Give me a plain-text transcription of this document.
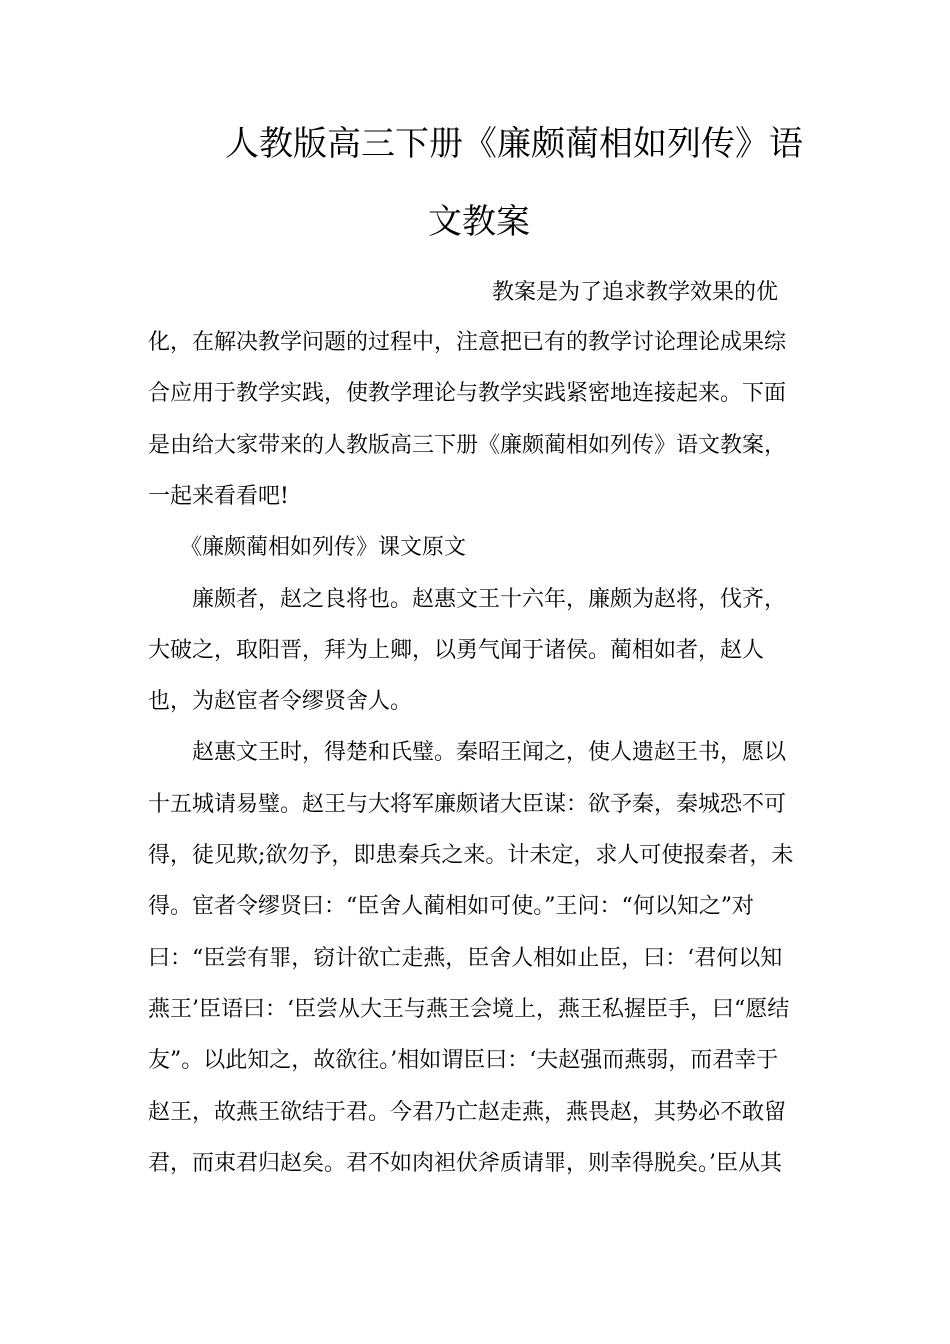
人教版高三下册《廉颇蔺相如列传》语
文教案
教案是为了追求教学效果的优
化，在解决教学问题的过程中，注意把已有的教学讨论理论成果综
合应用于教学实践，使教学理论与教学实践紧密地连接起来。下面
是由给大家带来的人教版高三下册《廉颇蔺相如列传》语文教案，
一起来看看吧!
《廉颇蔺相如列传》课文原文
廉颇者，赵之良将也。赵惠文王十六年，廉颇为赵将，伐齐，
大破之，取阳晋，拜为上卿，以勇气闻于诸侯。蔺相如者，赵人
也，为赵宦者令缪贤舍人。
赵惠文王时，得楚和氏璧。秦昭王闻之，使人遗赵王书，愿以
十五城请易璧。赵王与大将军廉颇诸大臣谋：欲予秦，秦城恐不可
得，徒见欺;欲勿予，即患秦兵之来。计未定，求人可使报秦者，未
得。宦者令缪贤曰：“臣舍人蔺相如可使。”王问：“何以知之”对
曰：“臣尝有罪，窃计欲亡走燕，臣舍人相如止臣，曰：‘君何以知
燕王’臣语曰：‘臣尝从大王与燕王会境上，燕王私握臣手，曰“愿结
友”。以此知之，故欲往。’相如谓臣曰：‘夫赵强而燕弱，而君幸于
赵王，故燕王欲结于君。今君乃亡赵走燕，燕畏赵，其势必不敢留
君，而束君归赵矣。君不如肉袒伏斧质请罪，则幸得脱矣。’臣从其
